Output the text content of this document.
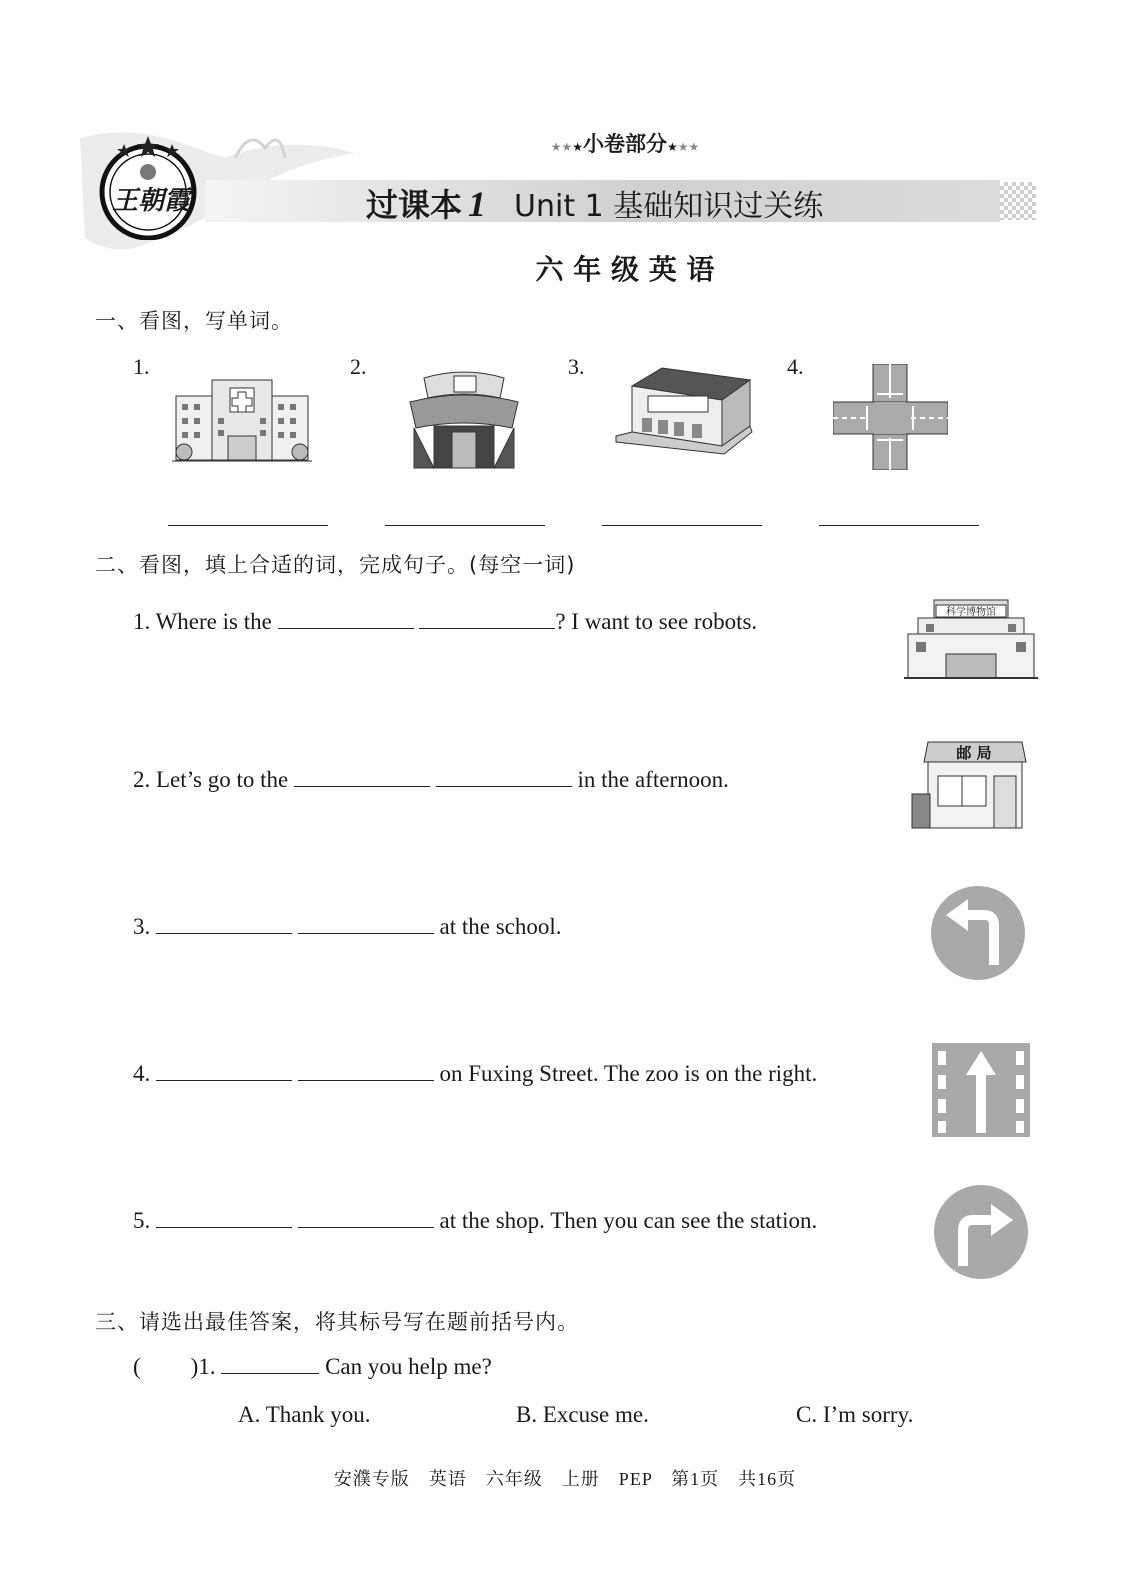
王朝霞
★★★小卷部分★★★
过课本 1 Unit 1 基础知识过关练
六 年 级 英 语
一、看图，写单词。
1.	2.	3.	4.
二、看图，填上合适的词，完成句子。(每空一词)
1. Where is the	? I want to see robots.	科学博物馆
2. Let’s go to the	in the afternoon.
邮 局
3.	at the school.
4.	on Fuxing Street. The zoo is on the right.
5.	at the shop. Then you can see the station.
三、请选出最佳答案，将其标号写在题前括号内。
( )1.	Can you help me?
A. Thank you.	B. Excuse me.	C. I’m sorry.
安濮专版　英语　六年级　上册　PEP　第1页　共16页
